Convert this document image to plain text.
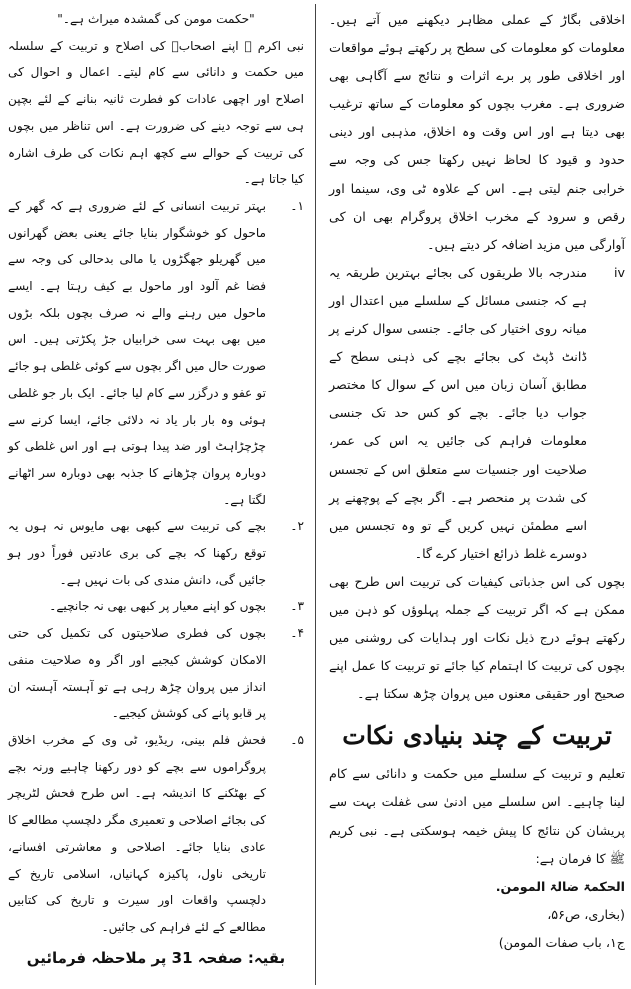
اخلاقی بگاڑ کے عملی مظاہر دیکھنے میں آتے ہیں۔ معلومات کو معلومات کی سطح پر رکھتے ہوئے مواقعات اور اخلاقی طور پر برے اثرات و نتائج سے آگاہی بھی ضروری ہے۔ مغرب بچوں کو معلومات کے ساتھ ترغیب بھی دیتا ہے اور اس وقت وہ اخلاق، مذہبی اور دینی حدود و قیود کا لحاظ نہیں رکھتا جس کی وجہ سے خرابی جنم لیتی ہے۔ اس کے علاوہ ٹی وی، سینما اور رقص و سرود کے مخرب اخلاق پروگرام بھی ان کی آوارگی میں مزید اضافہ کر دیتے ہیں۔

iv
مندرجہ بالا طریقوں کی بجائے بہترین طریقہ یہ ہے کہ جنسی مسائل کے سلسلے میں اعتدال اور میانہ روی اختیار کی جائے۔ جنسی سوال کرنے پر ڈانٹ ڈپٹ کی بجائے بچے کی ذہنی سطح کے مطابق آسان زبان میں اس کے سوال کا مختصر جواب دیا جائے۔ بچے کو کس حد تک جنسی معلومات فراہم کی جائیں یہ اس کی عمر، صلاحیت اور جنسیات سے متعلق اس کے تجسس کی شدت پر منحصر ہے۔ اگر بچے کے پوچھنے پر اسے مطمئن نہیں کریں گے تو وہ تجسس میں دوسرے غلط ذرائع اختیار کرے گا۔

بچوں کی اس جذباتی کیفیات کی تربیت اس طرح بھی ممکن ہے کہ اگر تربیت کے جملہ پہلوؤں کو ذہن میں رکھتے ہوئے درج ذیل نکات اور ہدایات کی روشنی میں بچوں کی تربیت کا اہتمام کیا جائے تو تربیت کا عمل اپنے صحیح اور حقیقی معنوں میں پروان چڑھ سکتا ہے۔

تربیت کے چند بنیادی نکات

تعلیم و تربیت کے سلسلے میں حکمت و دانائی سے کام لینا چاہیے۔ اس سلسلے میں ادنیٰ سی غفلت بہت سے پریشان کن نتائج کا پیش خیمہ ہوسکتی ہے۔ نبی کریم ﷺ کا فرمان ہے:

الحکمۃ ضالۃ المومن.
(بخاری، ص۵۶،
ج۱، باب صفات المومن)

"حکمت مومن کی گمشدہ میراث ہے۔"

نبی اکرم ﷺ اپنے اصحابؓ کی اصلاح و تربیت کے سلسلہ میں حکمت و دانائی سے کام لیتے۔ اعمال و احوال کی اصلاح اور اچھی عادات کو فطرت ثانیہ بنانے کے لئے بچپن ہی سے توجہ دینے کی ضرورت ہے۔ اس تناظر میں بچوں کی تربیت کے حوالے سے کچھ اہم نکات کی طرف اشارہ کیا جاتا ہے۔

۱۔
بہتر تربیت انسانی کے لئے ضروری ہے کہ گھر کے ماحول کو خوشگوار بنایا جائے یعنی بعض گھرانوں میں گھریلو جھگڑوں یا مالی بدحالی کی وجہ سے فضا غم آلود اور ماحول بے کیف رہتا ہے۔ ایسے ماحول میں رہنے والے نہ صرف بچوں بلکہ بڑوں میں بھی بہت سی خرابیاں جڑ پکڑتی ہیں۔ اس صورت حال میں اگر بچوں سے کوئی غلطی ہو جائے تو عفو و درگزر سے کام لیا جائے۔ ایک بار جو غلطی ہوئی وہ بار بار یاد نہ دلائی جائے، ایسا کرنے سے چڑچڑاہٹ اور ضد پیدا ہوتی ہے اور اس غلطی کو دوبارہ پروان چڑھانے کا جذبہ بھی دوبارہ سر اٹھانے لگتا ہے۔
۲۔
بچے کی تربیت سے کبھی بھی مایوس نہ ہوں یہ توقع رکھنا کہ بچے کی بری عادتیں فوراً دور ہو جائیں گی، دانش مندی کی بات نہیں ہے۔
۳۔
بچوں کو اپنے معیار پر کبھی بھی نہ جانچیے۔
۴۔
بچوں کی فطری صلاحیتوں کی تکمیل کی حتی الامکان کوشش کیجیے اور اگر وہ صلاحیت منفی انداز میں پروان چڑھ رہی ہے تو آہستہ آہستہ ان پر قابو پانے کی کوشش کیجیے۔
۵۔
فحش فلم بینی، ریڈیو، ٹی وی کے مخرب اخلاق پروگراموں سے بچے کو دور رکھنا چاہیے ورنہ بچے کے بھٹکنے کا اندیشہ ہے۔ اس طرح فحش لٹریچر کی بجائے اصلاحی و تعمیری مگر دلچسپ مطالعے کا عادی بنایا جائے۔ اصلاحی و معاشرتی افسانے، تاریخی ناول، پاکیزہ کہانیاں، اسلامی تاریخ کے دلچسپ واقعات اور سیرت و تاریخ کی کتابیں مطالعے کے لئے فراہم کی جائیں۔
بقیہ: صفحہ 31 پر ملاحظہ فرمائیں
